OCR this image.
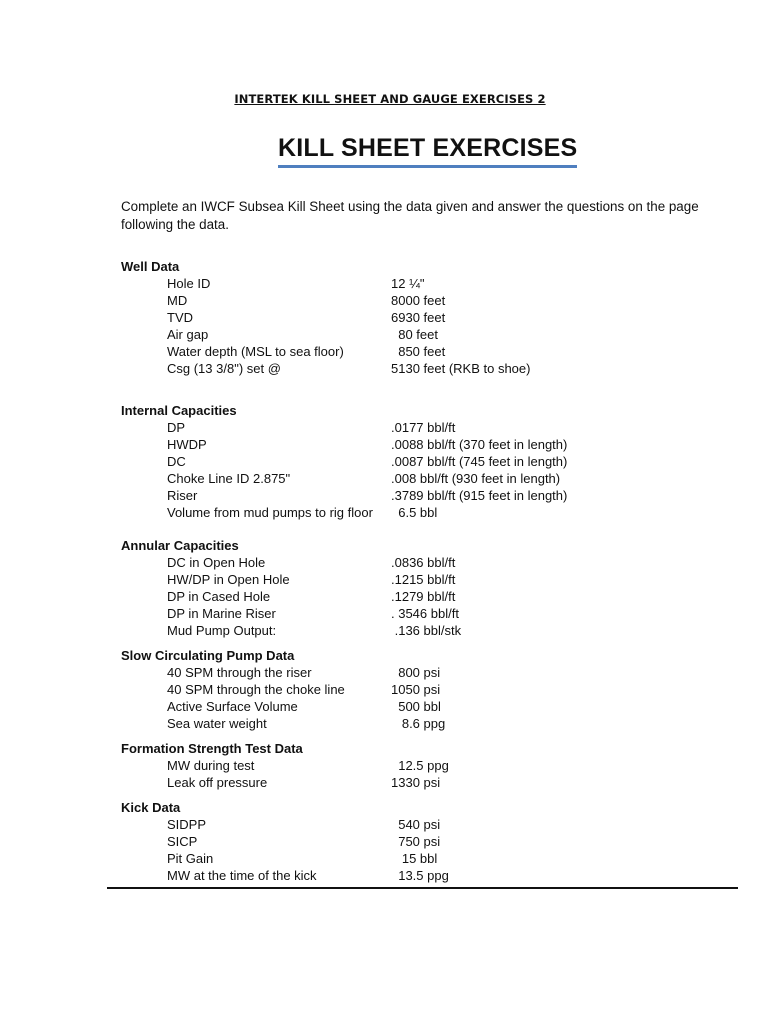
INTERTEK KILL SHEET AND GAUGE EXERCISES 2
KILL SHEET EXERCISES
Complete an IWCF Subsea Kill Sheet using the data given and answer the questions on the page following the data.
Well Data
Hole ID	12 ¼"
MD	8000 feet
TVD	6930 feet
Air gap	80 feet
Water depth (MSL to sea floor)	850 feet
Csg (13 3/8") set @	5130 feet (RKB to shoe)
Internal Capacities
DP	.0177 bbl/ft
HWDP	.0088 bbl/ft (370 feet in length)
DC	.0087 bbl/ft (745 feet in length)
Choke Line ID 2.875"	.008 bbl/ft (930 feet in length)
Riser	.3789 bbl/ft (915 feet in length)
Volume from mud pumps to rig floor 6.5 bbl
Annular Capacities
DC in Open Hole	.0836 bbl/ft
HW/DP in Open Hole	.1215 bbl/ft
DP in Cased Hole	.1279 bbl/ft
DP in Marine Riser	. 3546 bbl/ft
Mud Pump Output:	.136 bbl/stk
Slow Circulating Pump Data
40 SPM through the riser	800 psi
40 SPM through the choke line	1050 psi
Active Surface Volume	500 bbl
Sea water weight	8.6 ppg
Formation Strength Test Data
MW during test	12.5 ppg
Leak off pressure	1330 psi
Kick Data
SIDPP	540 psi
SICP	750 psi
Pit Gain	15 bbl
MW at the time of the kick	13.5 ppg
